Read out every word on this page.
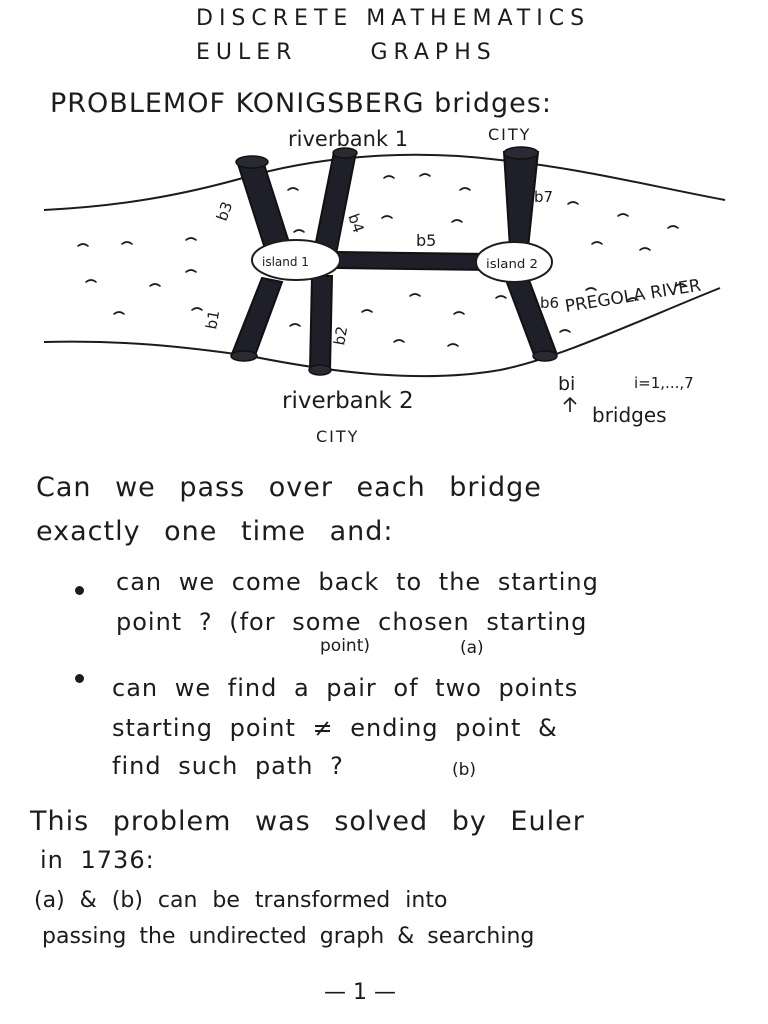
DISCRETE MATHEMATICS
EULER GRAPHS
PROBLEMOF KONIGSBERG bridges:
island 1	island 2
riverbank 1	CITY
riverbank 2
CITY
PREGOLA RIVER
b1
b2
b3	b4
b5
b6
b7
bi	i=1,...,7
bridges
Can we pass over each bridge
exactly one time and:
can we come back to the starting
point ? (for some chosen starting
point)	(a)
can we find a pair of two points
starting point ≠ ending point &
find such path ?	(b)
This problem was solved by Euler
in 1736:
(a) & (b) can be transformed into
passing the undirected graph & searching
— 1 —
